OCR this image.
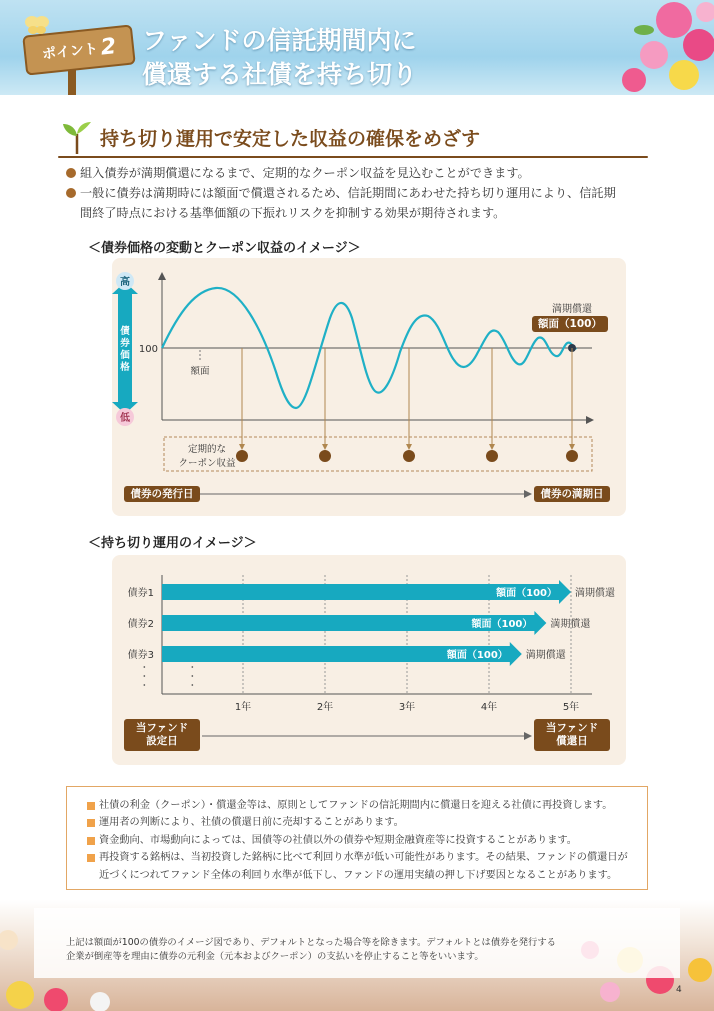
ポイント 2 ファンドの信託期間内に
償還する社債を持ち切り
持ち切り運用で安定した収益の確保をめざす

組入債券が満期償還になるまで、定期的なクーポン収益を見込むことができます。

一般に債券は満期時には額面で償還されるため、信託期間にあわせた持ち切り運用により、信託期

間終了時点における基準価額の下振れリスクを抑制する効果が期待されます。

＜債券価格の変動とクーポン収益のイメージ＞
高
低
債
券
価
格
100
額面
満期償還
定期的な
クーポン収益
額面（100）
債券の発行日	債券の満期日
＜持ち切り運用のイメージ＞
債券1	額面（100） 満期償還
債券2	額面（100） 満期償還
債券3	額面（100） 満期償還
1年	2年	3年	4年	5年
・・・	・・・
当ファンド
設定日
当ファンド
償還日

社債の利金（クーポン）・償還金等は、原則としてファンドの信託期間内に償還日を迎える社債に再投資します。

運用者の判断により、社債の償還日前に売却することがあります。

資金動向、市場動向によっては、国債等の社債以外の債券や短期金融資産等に投資することがあります。

再投資する銘柄は、当初投資した銘柄に比べて利回り水準が低い可能性があります。その結果、ファンドの償還日が

近づくにつれてファンド全体の利回り水準が低下し、ファンドの運用実績の押し下げ要因となることがあります。

上記は額面が100の債券のイメージ図であり、デフォルトとなった場合等を除きます。デフォルトとは債券を発行する
企業が倒産等を理由に債券の元利金（元本およびクーポン）の支払いを停止すること等をいいます。
4
